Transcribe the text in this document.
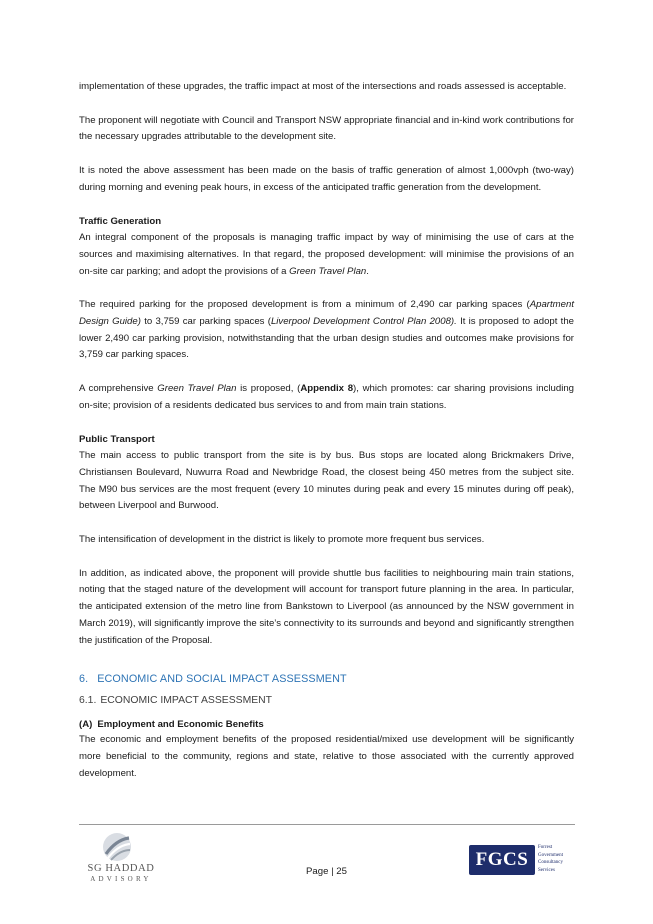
implementation of these upgrades, the traffic impact at most of the intersections and roads assessed is acceptable.

The proponent will negotiate with Council and Transport NSW appropriate financial and in-kind work contributions for the necessary upgrades attributable to the development site.

It is noted the above assessment has been made on the basis of traffic generation of almost 1,000vph (two-way) during morning and evening peak hours, in excess of the anticipated traffic generation from the development.

Traffic Generation

An integral component of the proposals is managing traffic impact by way of minimising the use of cars at the sources and maximising alternatives. In that regard, the proposed development: will minimise the provisions of an on-site car parking; and adopt the provisions of a Green Travel Plan.

The required parking for the proposed development is from a minimum of 2,490 car parking spaces (Apartment Design Guide) to 3,759 car parking spaces (Liverpool Development Control Plan 2008). It is proposed to adopt the lower 2,490 car parking provision, notwithstanding that the urban design studies and outcomes make provisions for 3,759 car parking spaces.

A comprehensive Green Travel Plan is proposed, (Appendix 8), which promotes: car sharing provisions including on-site; provision of a residents dedicated bus services to and from main train stations.

Public Transport

The main access to public transport from the site is by bus. Bus stops are located along Brickmakers Drive, Christiansen Boulevard, Nuwurra Road and Newbridge Road, the closest being 450 metres from the subject site. The M90 bus services are the most frequent (every 10 minutes during peak and every 15 minutes during off peak), between Liverpool and Burwood.

The intensification of development in the district is likely to promote more frequent bus services.

In addition, as indicated above, the proponent will provide shuttle bus facilities to neighbouring main train stations, noting that the staged nature of the development will account for transport future planning in the area. In particular, the anticipated extension of the metro line from Bankstown to Liverpool (as announced by the NSW government in March 2019), will significantly improve the site’s connectivity to its surrounds and beyond and significantly strengthen the justification of the Proposal.

6. ECONOMIC AND SOCIAL IMPACT ASSESSMENT
6.1. ECONOMIC IMPACT ASSESSMENT
(A) Employment and Economic Benefits

The economic and employment benefits of the proposed residential/mixed use development will be significantly more beneficial to the community, regions and state, relative to those associated with the currently approved development.

SG HADDAD
ADVISORY
Page | 25
FGCS
Forrest
Government
Consultancy
Services
